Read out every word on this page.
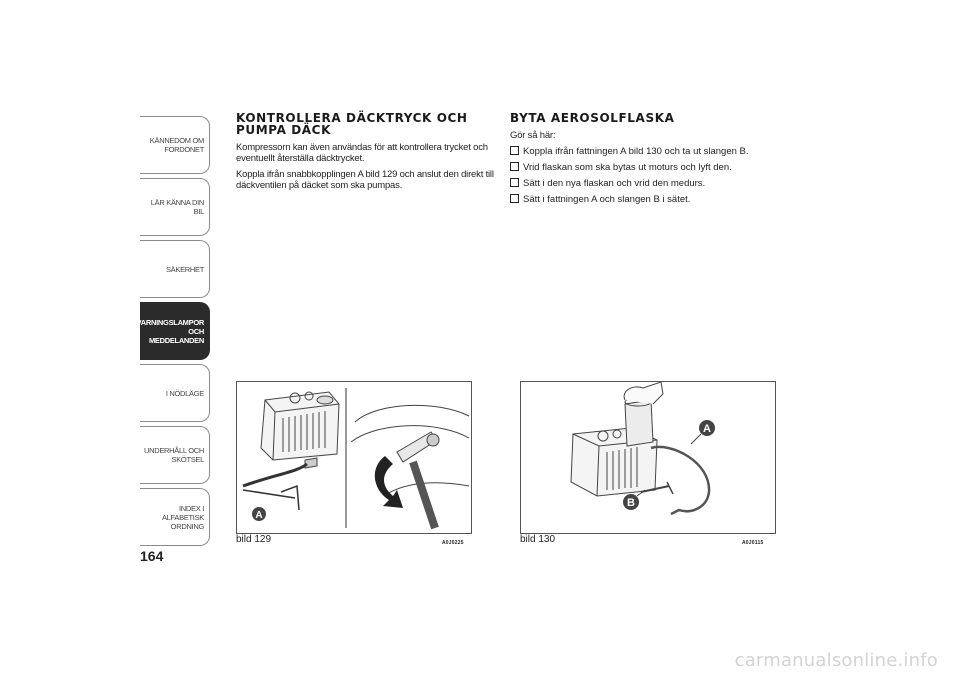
KÄNNEDOM OM FORDONET
LÄR KÄNNA DIN BIL
SÄKERHET
VARNINGSLAMPOR OCH MEDDELANDEN
I NÖDLÄGE
UNDERHÅLL OCH SKÖTSEL
INDEX I ALFABETISK ORDNING
164
KONTROLLERA DÄCKTRYCK OCH PUMPA DÄCK

Kompressorn kan även användas för att kontrollera trycket och eventuellt återställa däcktrycket.

Koppla ifrån snabbkopplingen A bild 129 och anslut den direkt till däckventilen på däcket som ska pumpas.

BYTA AEROSOLFLASKA

Gör så här:

Koppla ifrån fattningen A bild 130 och ta ut slangen B.
Vrid flaskan som ska bytas ut moturs och lyft den.
Sätt i den nya flaskan och vrid den medurs.
Sätt i fattningen A och slangen B i sätet.
A
bild 129	A0J0225
A
B
bild 130	A0J0115
carmanualsonline.info
